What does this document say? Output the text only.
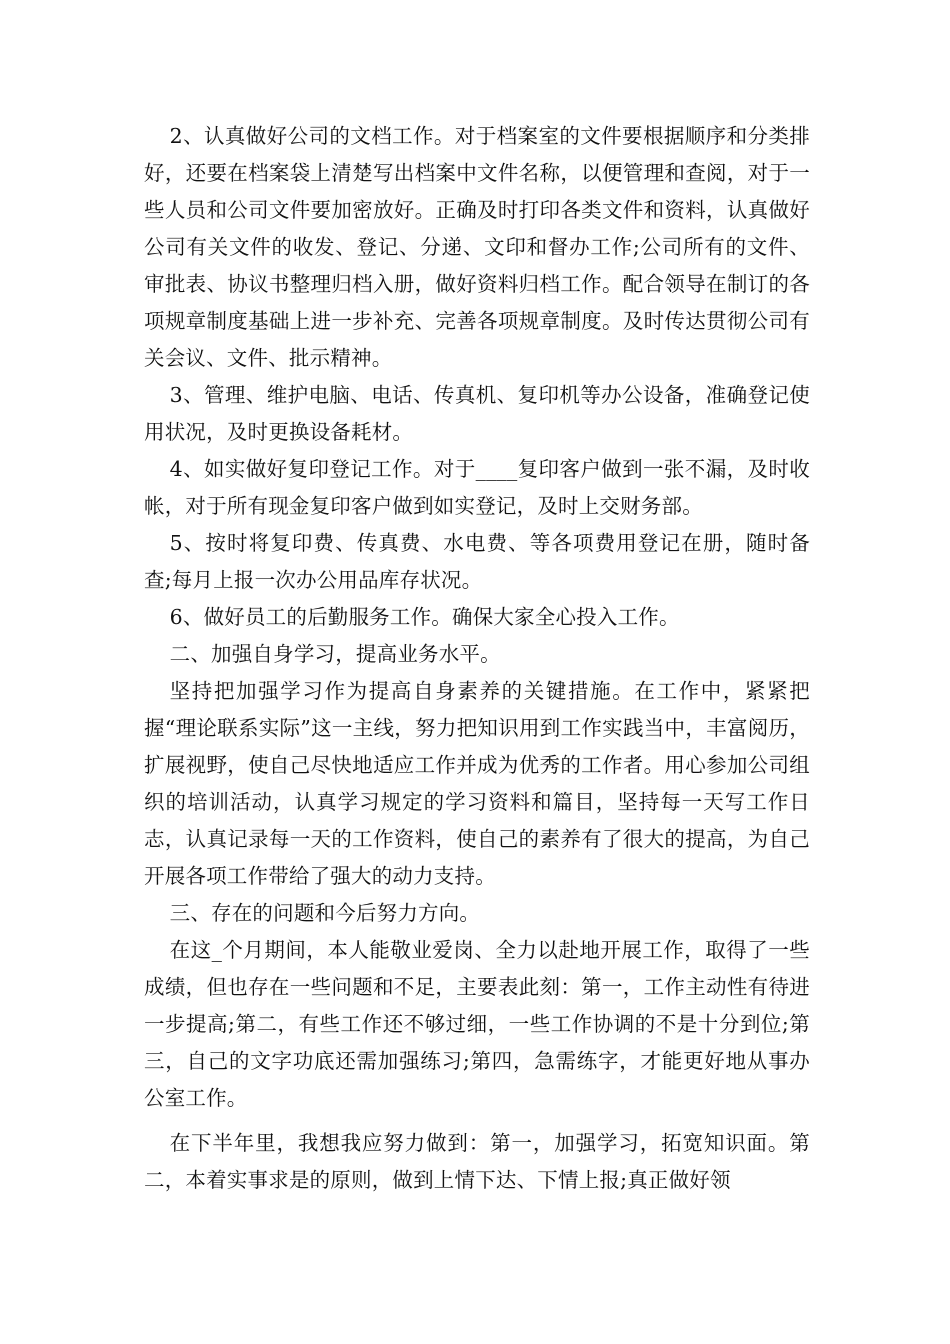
2、认真做好公司的文档工作。对于档案室的文件要根据顺序和分类排好，还要在档案袋上清楚写出档案中文件名称，以便管理和查阅，对于一些人员和公司文件要加密放好。正确及时打印各类文件和资料，认真做好公司有关文件的收发、登记、分递、文印和督办工作;公司所有的文件、审批表、协议书整理归档入册，做好资料归档工作。配合领导在制订的各项规章制度基础上进一步补充、完善各项规章制度。及时传达贯彻公司有关会议、文件、批示精神。

3、管理、维护电脑、电话、传真机、复印机等办公设备，准确登记使用状况，及时更换设备耗材。

4、如实做好复印登记工作。对于____复印客户做到一张不漏，及时收帐，对于所有现金复印客户做到如实登记，及时上交财务部。

5、按时将复印费、传真费、水电费、等各项费用登记在册，随时备查;每月上报一次办公用品库存状况。

6、做好员工的后勤服务工作。确保大家全心投入工作。

二、加强自身学习，提高业务水平。

坚持把加强学习作为提高自身素养的关键措施。在工作中，紧紧把握“理论联系实际”这一主线，努力把知识用到工作实践当中，丰富阅历，扩展视野，使自己尽快地适应工作并成为优秀的工作者。用心参加公司组织的培训活动，认真学习规定的学习资料和篇目，坚持每一天写工作日志，认真记录每一天的工作资料，使自己的素养有了很大的提高，为自己开展各项工作带给了强大的动力支持。

三、存在的问题和今后努力方向。

在这_个月期间，本人能敬业爱岗、全力以赴地开展工作，取得了一些成绩，但也存在一些问题和不足，主要表此刻：第一，工作主动性有待进一步提高;第二，有些工作还不够过细，一些工作协调的不是十分到位;第三，自己的文字功底还需加强练习;第四，急需练字，才能更好地从事办公室工作。

在下半年里，我想我应努力做到：第一，加强学习，拓宽知识面。第二，本着实事求是的原则，做到上情下达、下情上报;真正做好领
